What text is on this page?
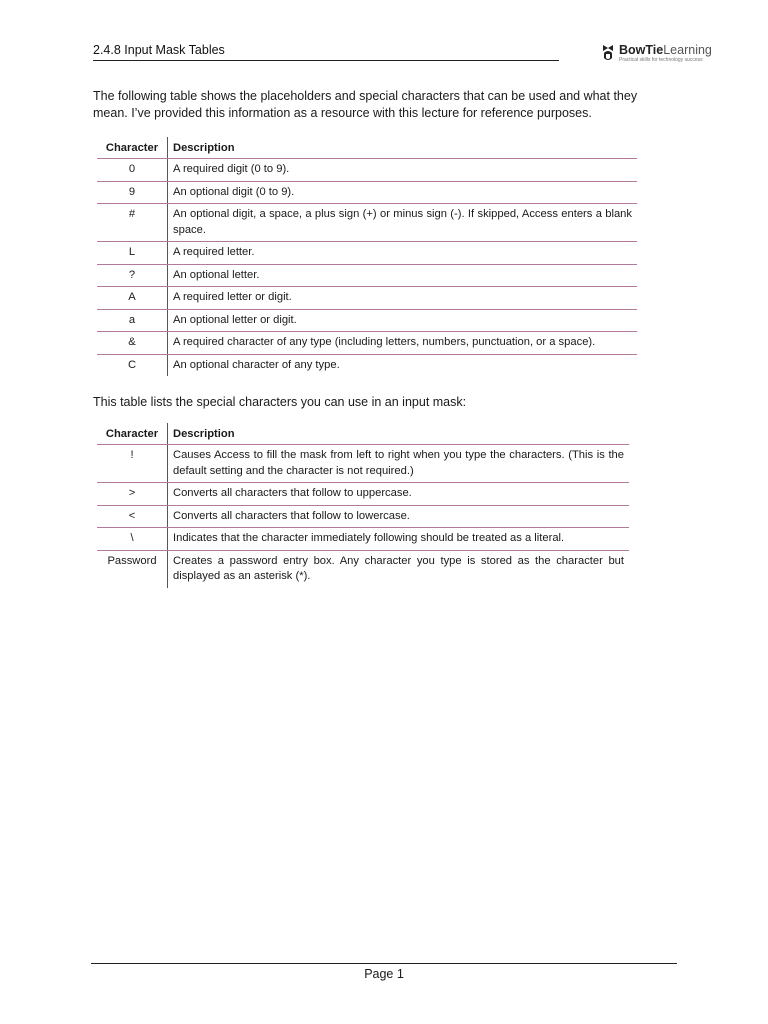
2.4.8 Input Mask Tables	BowTieLearning
Practical skills for technology success
The following table shows the placeholders and special characters that can be used and what they mean. I’ve provided this information as a resource with this lecture for reference purposes.
Character	Description
0	A required digit (0 to 9).
9	An optional digit (0 to 9).
#	An optional digit, a space, a plus sign (+) or minus sign (-). If skipped, Access enters a blank space.
L	A required letter.
?	An optional letter.
A	A required letter or digit.
a	An optional letter or digit.
&	A required character of any type (including letters, numbers, punctuation, or a space).
C	An optional character of any type.
This table lists the special characters you can use in an input mask:
Character	Description
!	Causes Access to fill the mask from left to right when you type the characters. (This is the default setting and the character is not required.)
>	Converts all characters that follow to uppercase.
<	Converts all characters that follow to lowercase.
\	Indicates that the character immediately following should be treated as a literal.
Password	Creates a password entry box. Any character you type is stored as the character but displayed as an asterisk (*).
Page 1
